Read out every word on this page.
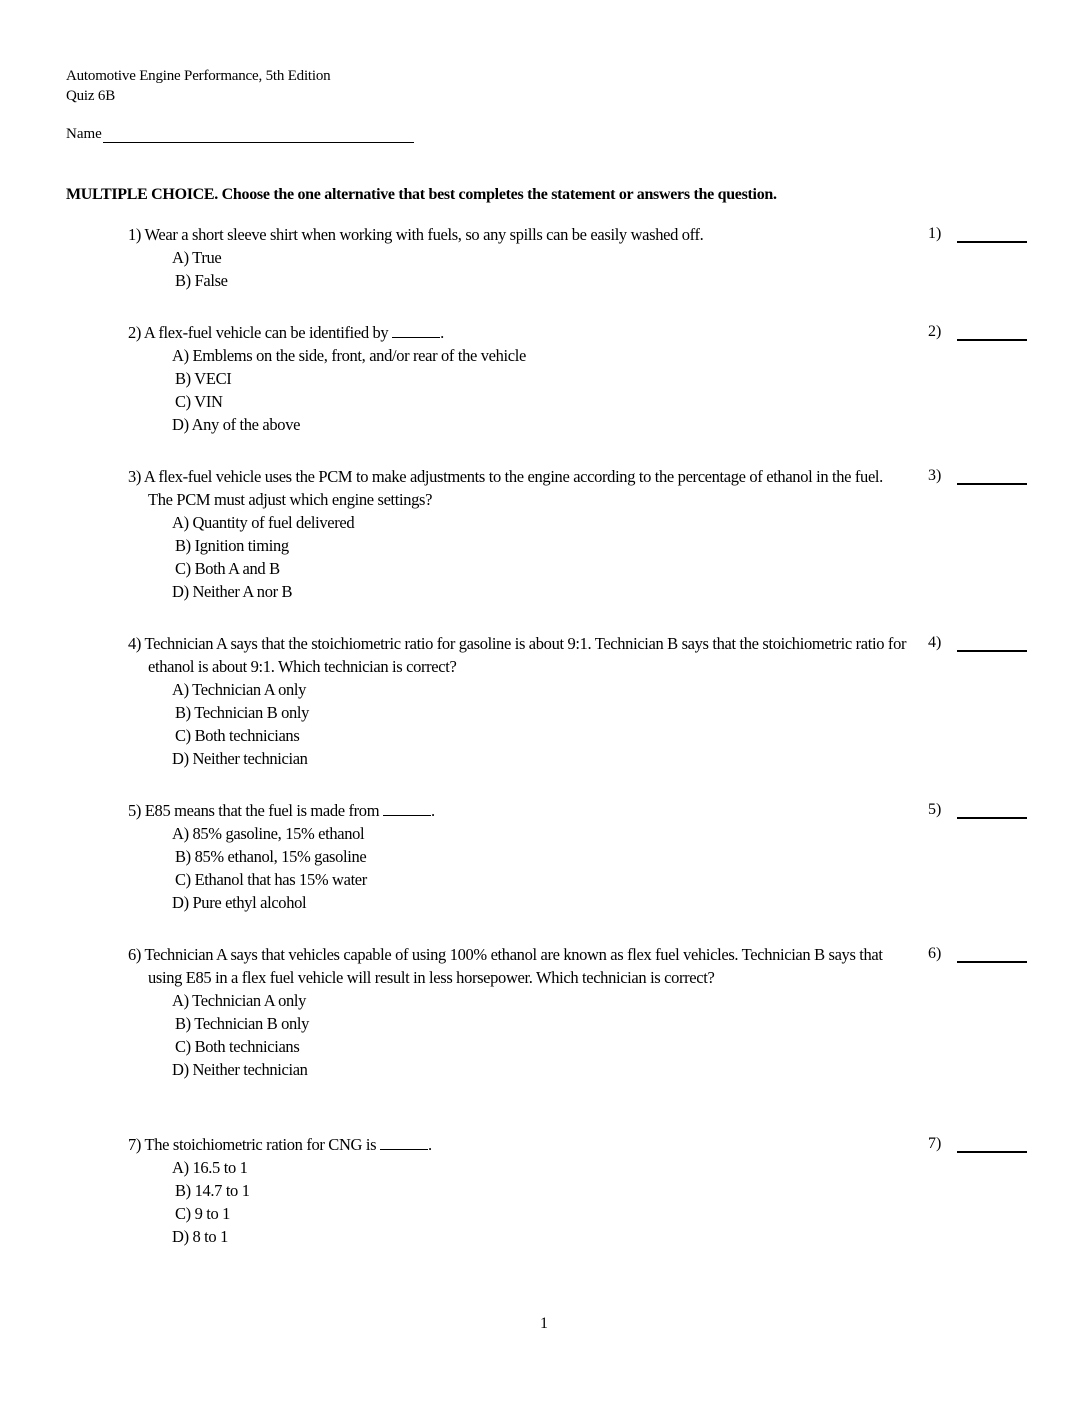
Automotive Engine Performance, 5th Edition
Quiz 6B
Name
MULTIPLE CHOICE. Choose the one alternative that best completes the statement or answers the question.
1) Wear a short sleeve shirt when working with fuels, so any spills can be easily washed off.
A) True
B) False
1)
2) A flex-fuel vehicle can be identified by	.
A) Emblems on the side, front, and/or rear of the vehicle
B) VECI
C) VIN
D) Any of the above
2)
3) A flex-fuel vehicle uses the PCM to make adjustments to the engine according to the percentage of ethanol in the fuel. The PCM must adjust which engine settings?
A) Quantity of fuel delivered
B) Ignition timing
C) Both A and B
D) Neither A nor B
3)
4) Technician A says that the stoichiometric ratio for gasoline is about 9:1. Technician B says that the stoichiometric ratio for ethanol is about 9:1. Which technician is correct?
A) Technician A only
B) Technician B only
C) Both technicians
D) Neither technician
4)
5) E85 means that the fuel is made from	.
A) 85% gasoline, 15% ethanol
B) 85% ethanol, 15% gasoline
C) Ethanol that has 15% water
D) Pure ethyl alcohol
5)
6) Technician A says that vehicles capable of using 100% ethanol are known as flex fuel vehicles. Technician B says that using E85 in a flex fuel vehicle will result in less horsepower. Which technician is correct?
A) Technician A only
B) Technician B only
C) Both technicians
D) Neither technician
6)
7) The stoichiometric ration for CNG is	.
A) 16.5 to 1
B) 14.7 to 1
C) 9 to 1
D) 8 to 1
7)
1
